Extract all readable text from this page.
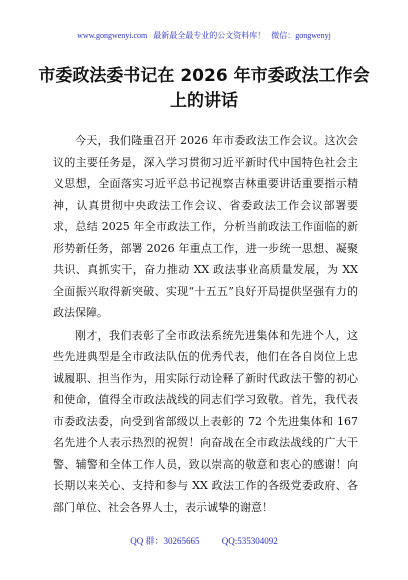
www.gongwenyi.com 最新最全最专业的公文资料库！ 微信：gongwenyj
市委政法委书记在 2026 年市委政法工作会上的讲话

今天，我们隆重召开 2026 年市委政法工作会议。这次会议的主要任务是，深入学习贯彻习近平新时代中国特色社会主义思想，全面落实习近平总书记视察吉林重要讲话重要指示精神，认真贯彻中央政法工作会议、省委政法工作会议部署要求，总结 2025 年全市政法工作，分析当前政法工作面临的新形势新任务，部署 2026 年重点工作，进一步统一思想、凝聚共识、真抓实干，奋力推动 XX 政法事业高质量发展，为 XX 全面振兴取得新突破、实现“十五五”良好开局提供坚强有力的政法保障。

刚才，我们表彰了全市政法系统先进集体和先进个人，这些先进典型是全市政法队伍的优秀代表，他们在各自岗位上忠诚履职、担当作为，用实际行动诠释了新时代政法干警的初心和使命，值得全市政法战线的同志们学习致敬。首先，我代表市委政法委，向受到省部级以上表彰的 72 个先进集体和 167 名先进个人表示热烈的祝贺！向奋战在全市政法战线的广大干警、辅警和全体工作人员，致以崇高的敬意和衷心的感谢！向长期以来关心、支持和参与 XX 政法工作的各级党委政府、各部门单位、社会各界人士，表示诚挚的谢意！

QQ 群：30265665 QQ:535304092
